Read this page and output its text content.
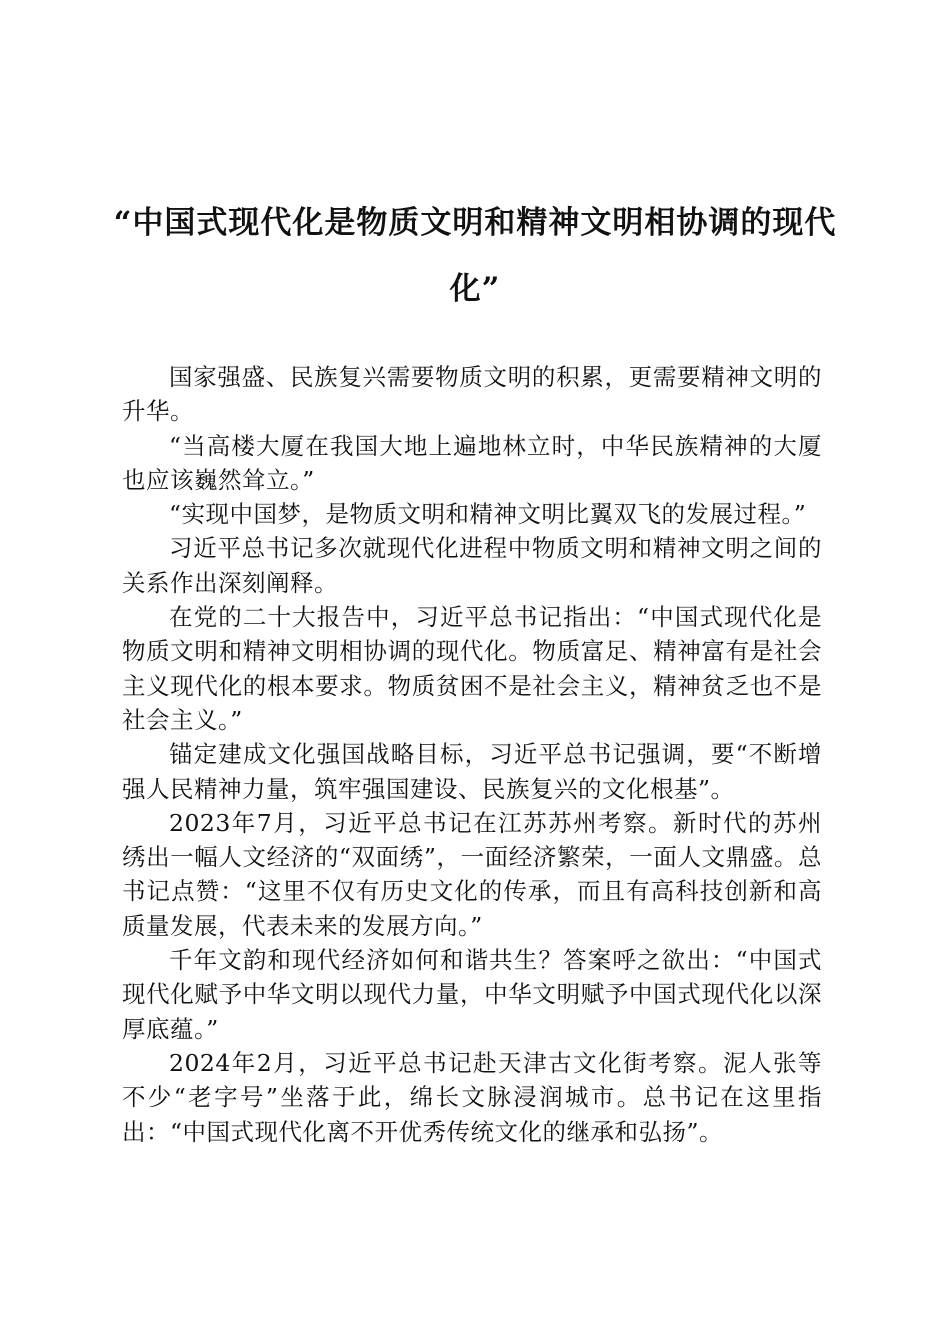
“中国式现代化是物质文明和精神文明相协调的现代化”

国家强盛、民族复兴需要物质文明的积累，更需要精神文明的升华。

“当高楼大厦在我国大地上遍地林立时，中华民族精神的大厦也应该巍然耸立。”

“实现中国梦，是物质文明和精神文明比翼双飞的发展过程。”

习近平总书记多次就现代化进程中物质文明和精神文明之间的关系作出深刻阐释。

在党的二十大报告中，习近平总书记指出：“中国式现代化是物质文明和精神文明相协调的现代化。物质富足、精神富有是社会主义现代化的根本要求。物质贫困不是社会主义，精神贫乏也不是社会主义。”

锚定建成文化强国战略目标，习近平总书记强调，要“不断增强人民精神力量，筑牢强国建设、民族复兴的文化根基”。

2023年7月，习近平总书记在江苏苏州考察。新时代的苏州绣出一幅人文经济的“双面绣”，一面经济繁荣，一面人文鼎盛。总书记点赞：“这里不仅有历史文化的传承，而且有高科技创新和高质量发展，代表未来的发展方向。”

千年文韵和现代经济如何和谐共生？答案呼之欲出：“中国式现代化赋予中华文明以现代力量，中华文明赋予中国式现代化以深厚底蕴。”

2024年2月，习近平总书记赴天津古文化街考察。泥人张等不少“老字号”坐落于此，绵长文脉浸润城市。总书记在这里指出：“中国式现代化离不开优秀传统文化的继承和弘扬”。
